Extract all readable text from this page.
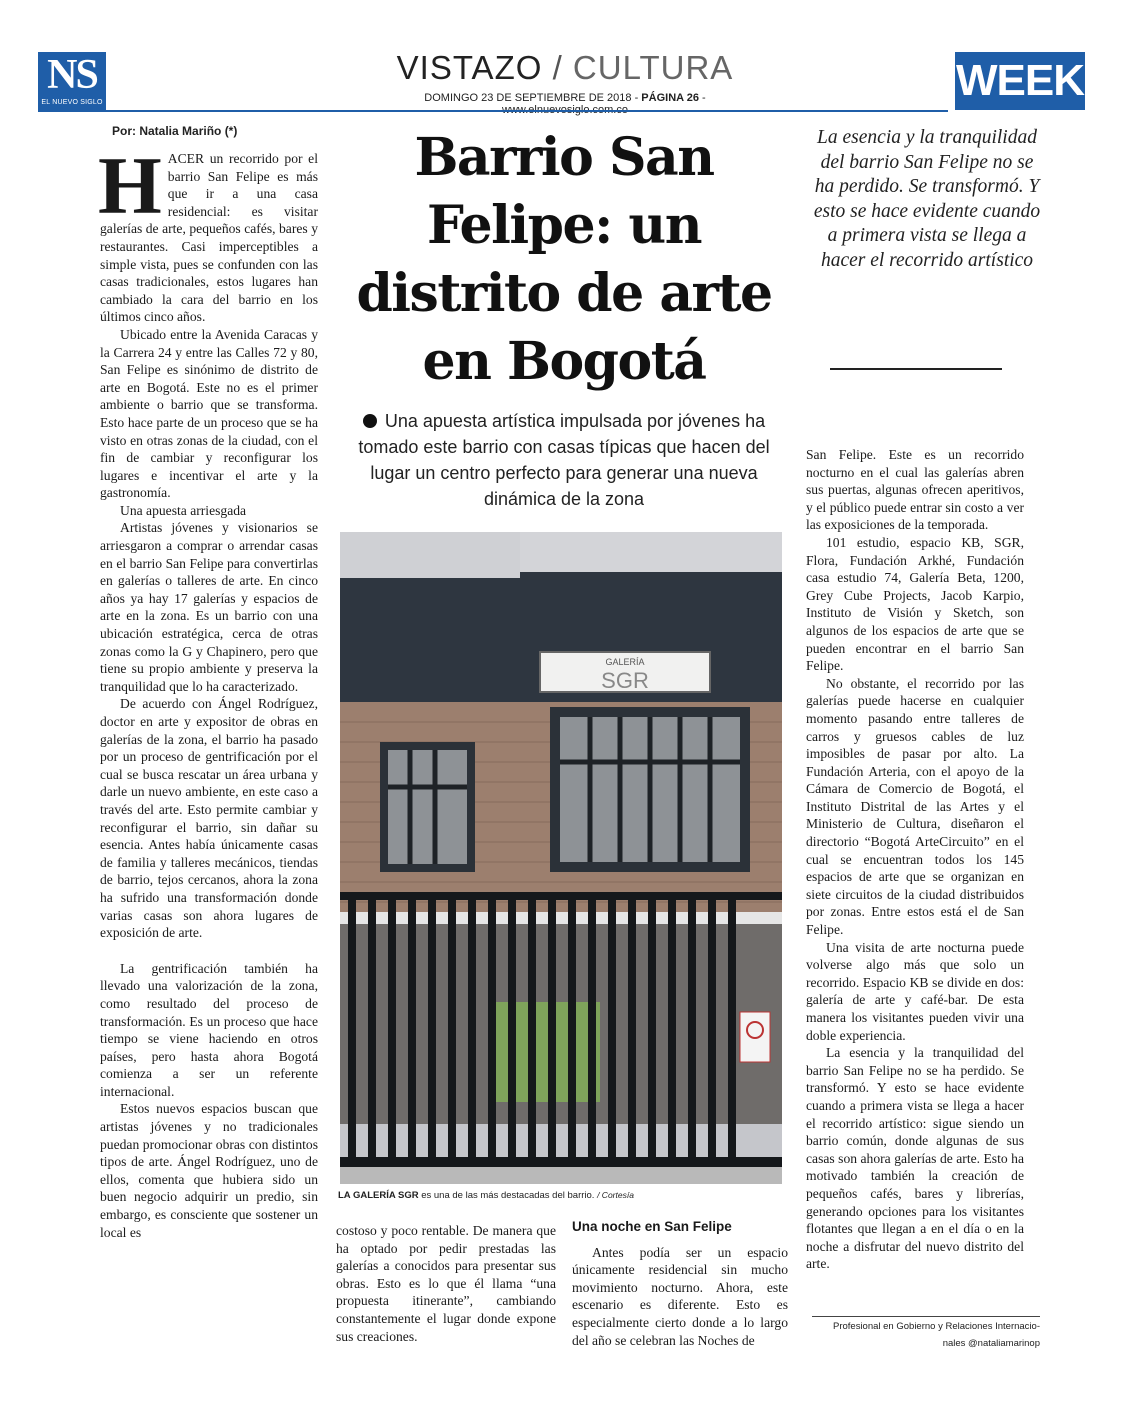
NS
EL NUEVO SIGLO
VISTAZO / CULTURA
DOMINGO 23 DE SEPTIEMBRE DE 2018 - PÁGINA 26 -	WEEK
Por: Natalia Mariño (*)

HACER un recorrido por el barrio San Felipe es más que ir a una casa residencial: es visitar galerías de arte, pequeños cafés, bares y restaurantes. Casi imperceptibles a simple vista, pues se confunden con las casas tradicionales, estos lugares han cambiado la cara del barrio en los últimos cinco años.

Ubicado entre la Avenida Caracas y la Carrera 24 y entre las Calles 72 y 80, San Felipe es sinónimo de distrito de arte en Bogotá. Este no es el primer ambiente o barrio que se transforma. Esto hace parte de un proceso que se ha visto en otras zonas de la ciudad, con el fin de cambiar y reconfigurar los lugares e incentivar el arte y la gastronomía.

Una apuesta arriesgada

Artistas jóvenes y visionarios se arriesgaron a comprar o arrendar casas en el barrio San Felipe para convertirlas en galerías o talleres de arte. En cinco años ya hay 17 galerías y espacios de arte en la zona. Es un barrio con una ubicación estratégica, cerca de otras zonas como la G y Chapinero, pero que tiene su propio ambiente y preserva la tranquilidad que lo ha caracterizado.

De acuerdo con Ángel Rodríguez, doctor en arte y expositor de obras en galerías de la zona, el barrio ha pasado por un proceso de gentrificación por el cual se busca rescatar un área urbana y darle un nuevo ambiente, en este caso a través del arte. Esto permite cambiar y reconfigurar el barrio, sin dañar su esencia. Antes había únicamente casas de familia y talleres mecánicos, tiendas de barrio, tejos cercanos, ahora la zona ha sufrido una transformación donde varias casas son ahora lugares de exposición de arte.

La gentrificación también ha llevado una valorización de la zona, como resultado del proceso de transformación. Es un proceso que hace tiempo se viene haciendo en otros países, pero hasta ahora Bogotá comienza a ser un referente internacional.

Estos nuevos espacios buscan que artistas jóvenes y no tradicionales puedan promocionar obras con distintos tipos de arte. Ángel Rodríguez, uno de ellos, comenta que hubiera sido un buen negocio adquirir un predio, sin embargo, es consciente que sostener un local es

Barrio San Felipe: un distrito de arte en Bogotá
Una apuesta artística impulsada por jóvenes ha tomado este barrio con casas típicas que hacen del lugar un centro perfecto para generar una nueva dinámica de la zona
La esencia y la tranquilidad del barrio San Felipe no se ha perdido. Se transformó. Y esto se hace evidente cuando a primera vista se llega a hacer el recorrido artístico
GALERÍA
SGR
LA GALERÍA SGR es una de las más destacadas del barrio. / Cortesía

costoso y poco rentable. De manera que ha optado por pedir prestadas las galerías a conocidos para presentar sus obras. Esto es lo que él llama “una propuesta itinerante”, cambiando constantemente el lugar donde expone sus creaciones.

Una noche en San Felipe

Antes podía ser un espacio únicamente residencial sin mucho movimiento nocturno. Ahora, este escenario es diferente. Esto es especialmente cierto donde a lo largo del año se celebran las Noches de

San Felipe. Este es un recorrido nocturno en el cual las galerías abren sus puertas, algunas ofrecen aperitivos, y el público puede entrar sin costo a ver las exposiciones de la temporada.

101 estudio, espacio KB, SGR, Flora, Fundación Arkhé, Fundación casa estudio 74, Galería Beta, 1200, Grey Cube Projects, Jacob Karpio, Instituto de Visión y Sketch, son algunos de los espacios de arte que se pueden encontrar en el barrio San Felipe.

No obstante, el recorrido por las galerías puede hacerse en cualquier momento pasando entre talleres de carros y gruesos cables de luz imposibles de pasar por alto. La Fundación Arteria, con el apoyo de la Cámara de Comercio de Bogotá, el Instituto Distrital de las Artes y el Ministerio de Cultura, diseñaron el directorio “Bogotá ArteCircuito” en el cual se encuentran todos los 145 espacios de arte que se organizan en siete circuitos de la ciudad distribuidos por zonas. Entre estos está el de San Felipe.

Una visita de arte nocturna puede volverse algo más que solo un recorrido. Espacio KB se divide en dos: galería de arte y café-bar. De esta manera los visitantes pueden vivir una doble experiencia.

La esencia y la tranquilidad del barrio San Felipe no se ha perdido. Se transformó. Y esto se hace evidente cuando a primera vista se llega a hacer el recorrido artístico: sigue siendo un barrio común, donde algunas de sus casas son ahora galerías de arte. Esto ha motivado también la creación de pequeños cafés, bares y librerías, generando opciones para los visitantes flotantes que llegan a en el día o en la noche a disfrutar del nuevo distrito del arte.

Profesional en Gobierno y Relaciones Internacio-
nales @nataliamarinop
